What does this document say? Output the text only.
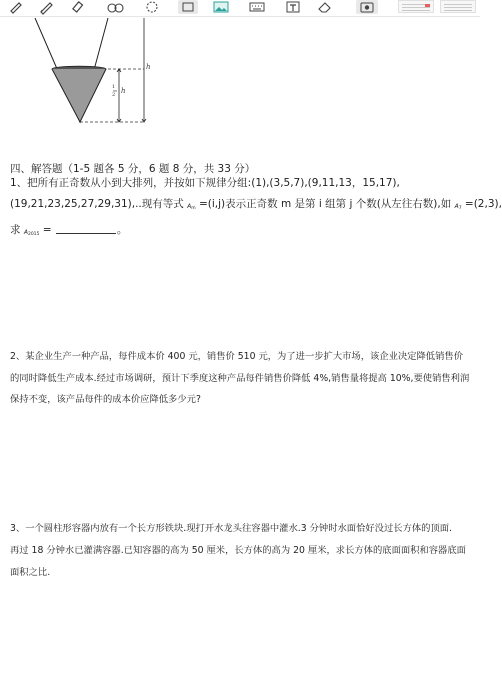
h
1
2 h
四、解答题（1-5 题各 5 分，6 题 8 分，共 33 分）
1、把所有正奇数从小到大排列，并按如下规律分组:(1),(3,5,7),(9,11,13，15,17),
(19,21,23,25,27,29,31),..现有等式 $A_m =(i,j)$表示正奇数 m 是第 i 组第 j 个数(从左往右数),如 $A_7 =(2,3)$,
求 $A_{2015}$ =	。
2、某企业生产一种产品，每件成本价 400 元，销售价 510 元，为了进一步扩大市场，该企业决定降低销售价
的同时降低生产成本.经过市场调研，预计下季度这种产品每件销售价降低 4%,销售量将提高 10%,要使销售利润
保持不变，该产品每件的成本价应降低多少元?
3、一个圆柱形容器内放有一个长方形铁块.现打开水龙头往容器中灌水.3 分钟时水面恰好没过长方体的顶面.
再过 18 分钟水已灌满容器.已知容器的高为 50 厘米，长方体的高为 20 厘米，求长方体的底面面积和容器底面
面积之比.
